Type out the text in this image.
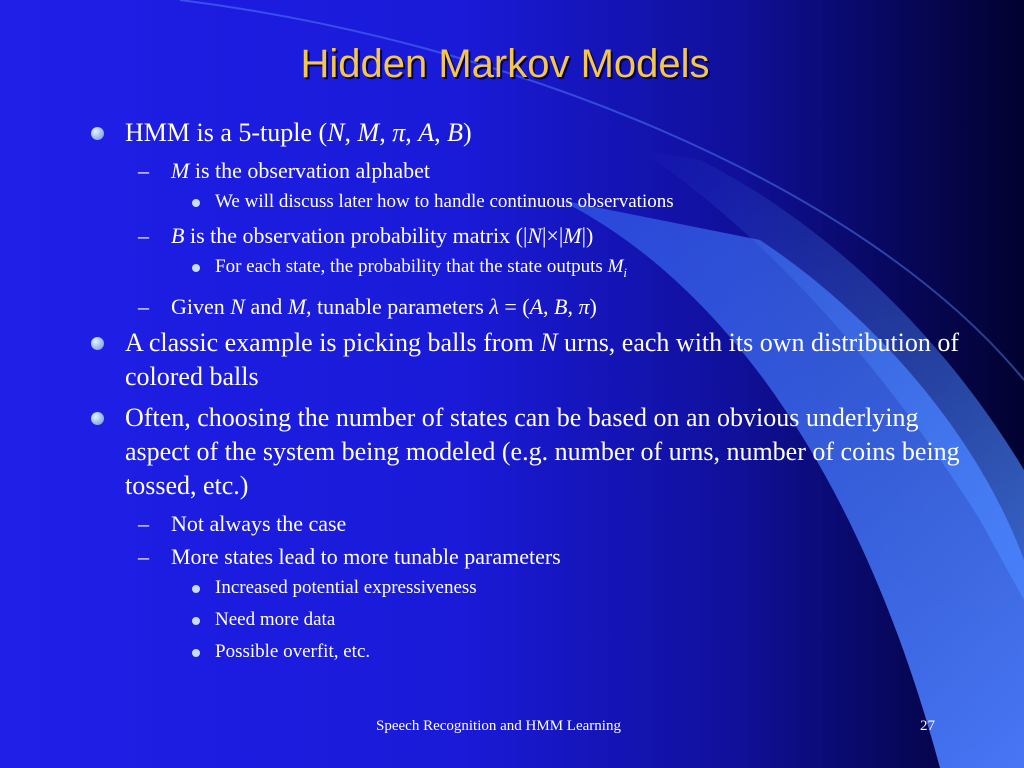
Hidden Markov Models
HMM is a 5-tuple (N, M, π, A, B)
– M is the observation alphabet
We will discuss later how to handle continuous observations
– B is the observation probability matrix (|N|×|M|)
For each state, the probability that the state outputs $M_i$
– Given N and M, tunable parameters λ = (A, B, π)
A classic example is picking balls from N urns, each with its own distribution of colored balls
Often, choosing the number of states can be based on an obvious underlying aspect of the system being modeled (e.g. number of urns, number of coins being tossed, etc.)
– Not always the case
– More states lead to more tunable parameters
Increased potential expressiveness
Need more data
Possible overfit, etc.
Speech Recognition and HMM Learning	27
